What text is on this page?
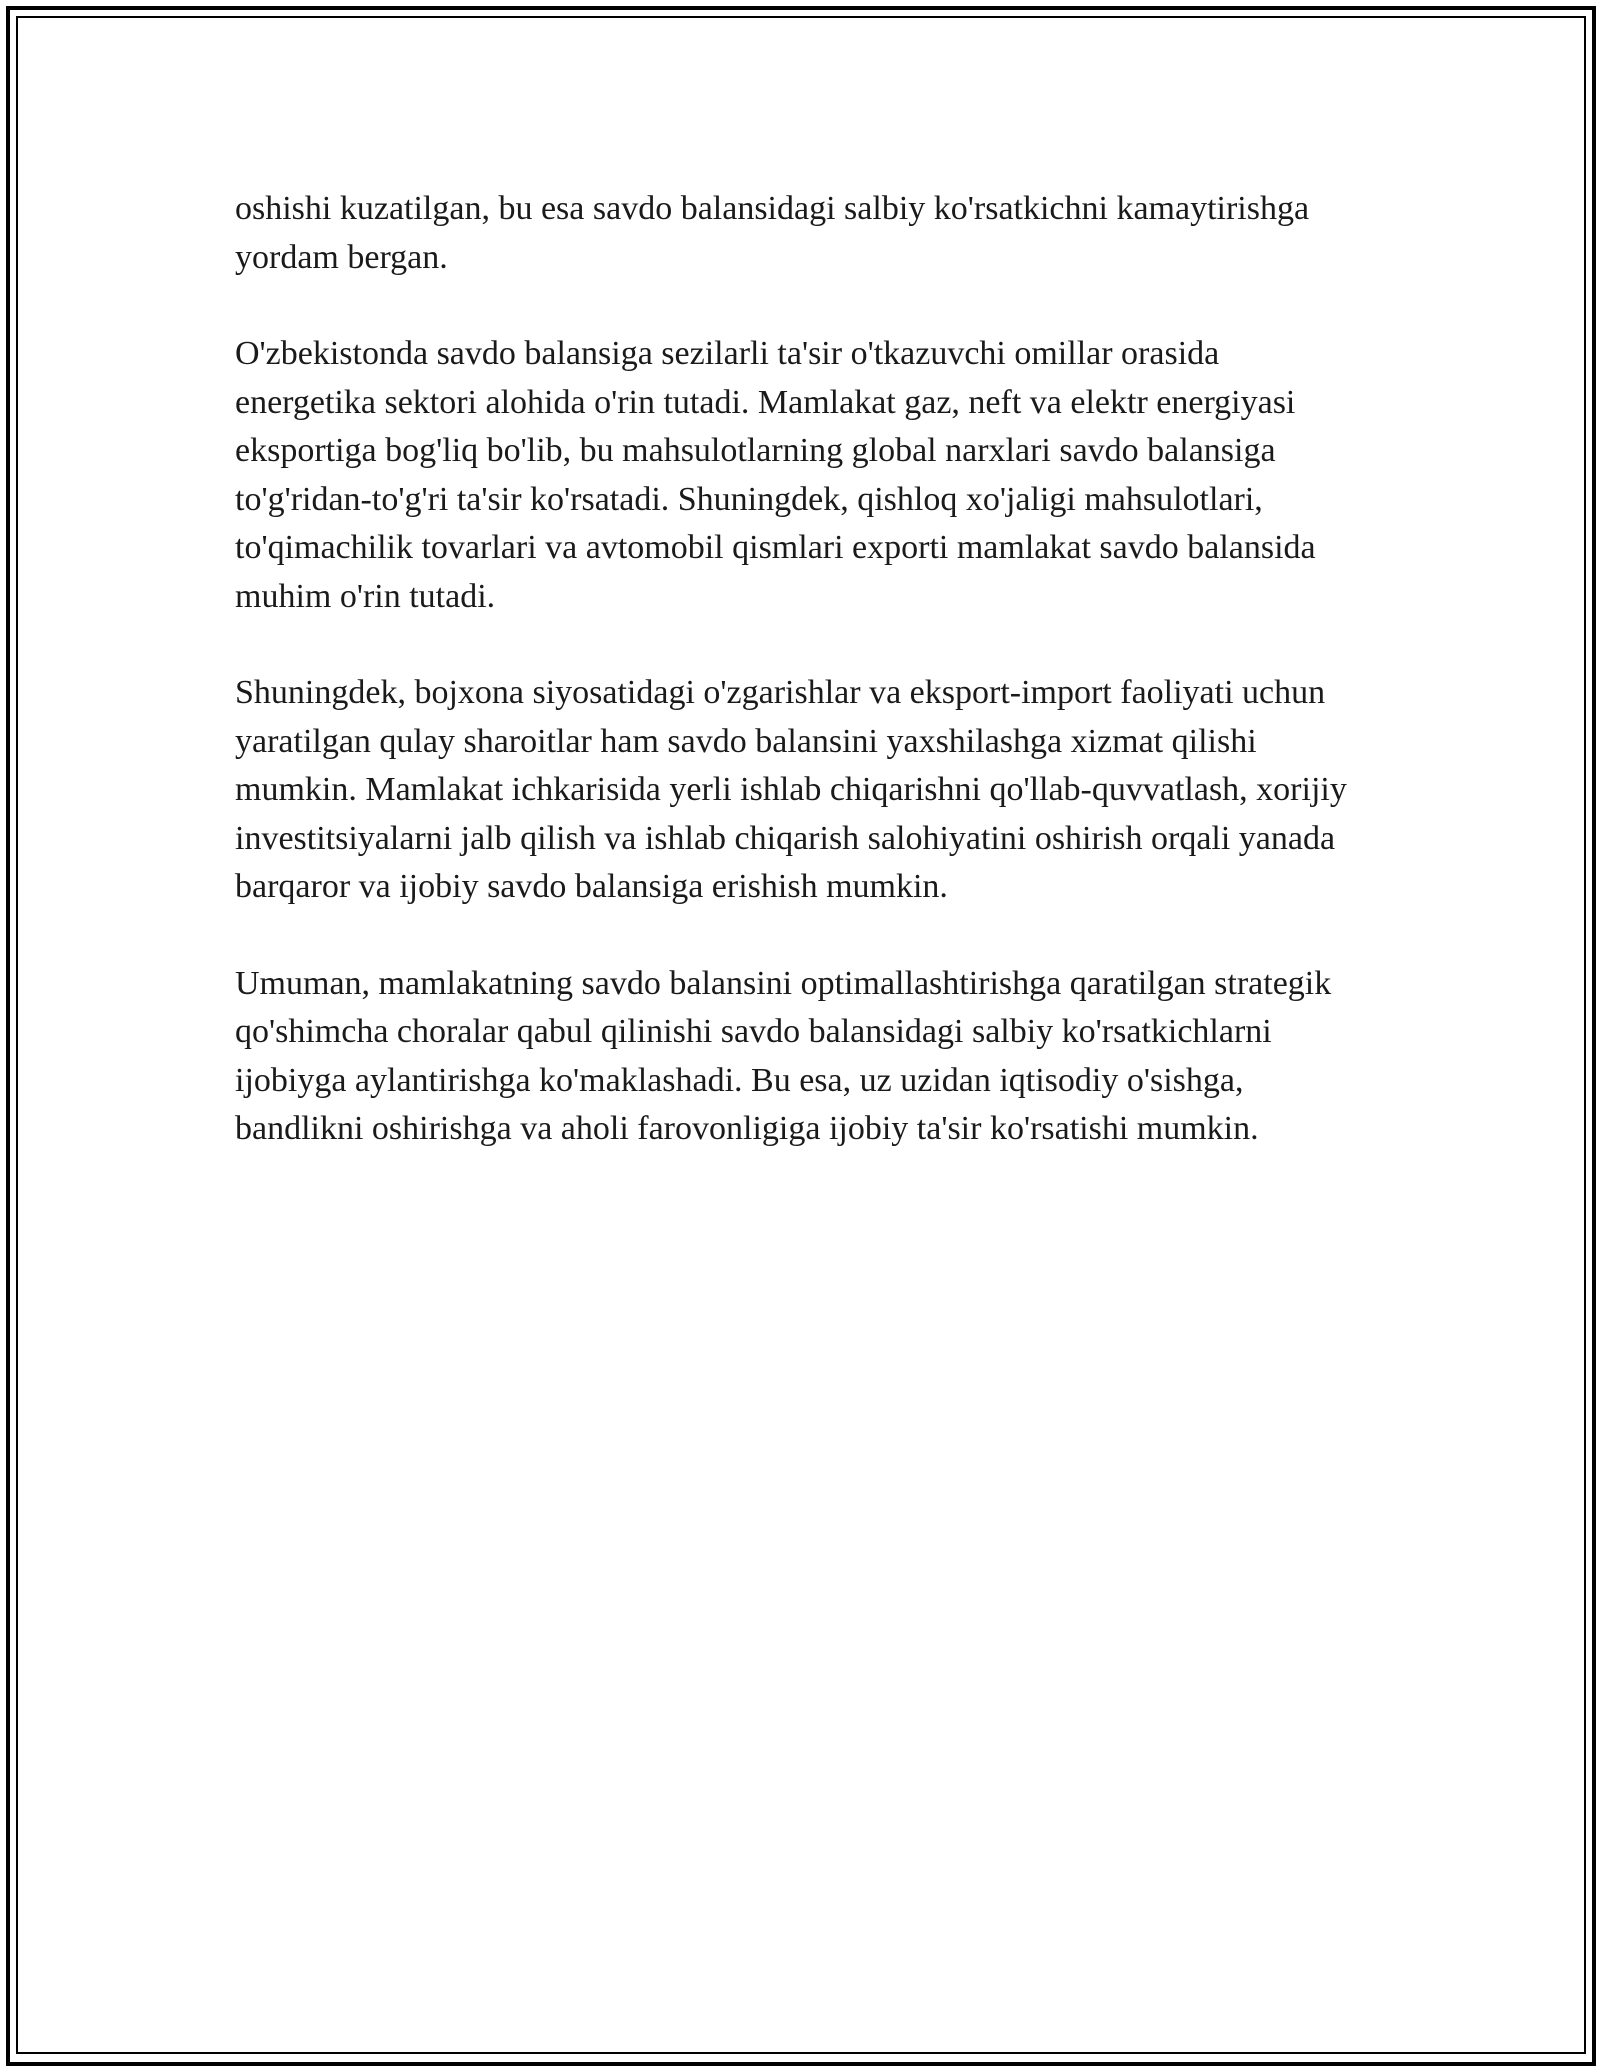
oshishi kuzatilgan, bu esa savdo balansidagi salbiy ko'rsatkichni kamaytirishga yordam bergan.

O'zbekistonda savdo balansiga sezilarli ta'sir o'tkazuvchi omillar orasida energetika sektori alohida o'rin tutadi. Mamlakat gaz, neft va elektr energiyasi eksportiga bog'liq bo'lib, bu mahsulotlarning global narxlari savdo balansiga to'g'ridan-to'g'ri ta'sir ko'rsatadi. Shuningdek, qishloq xo'jaligi mahsulotlari, to'qimachilik tovarlari va avtomobil qismlari exporti mamlakat savdo balansida muhim o'rin tutadi.

Shuningdek, bojxona siyosatidagi o'zgarishlar va eksport-import faoliyati uchun yaratilgan qulay sharoitlar ham savdo balansini yaxshilashga xizmat qilishi mumkin. Mamlakat ichkarisida yerli ishlab chiqarishni qo'llab-quvvatlash, xorijiy investitsiyalarni jalb qilish va ishlab chiqarish salohiyatini oshirish orqali yanada barqaror va ijobiy savdo balansiga erishish mumkin.

Umuman, mamlakatning savdo balansini optimallashtirishga qaratilgan strategik qo'shimcha choralar qabul qilinishi savdo balansidagi salbiy ko'rsatkichlarni ijobiyga aylantirishga ko'maklashadi. Bu esa, uz uzidan iqtisodiy o'sishga, bandlikni oshirishga va aholi farovonligiga ijobiy ta'sir ko'rsatishi mumkin.
